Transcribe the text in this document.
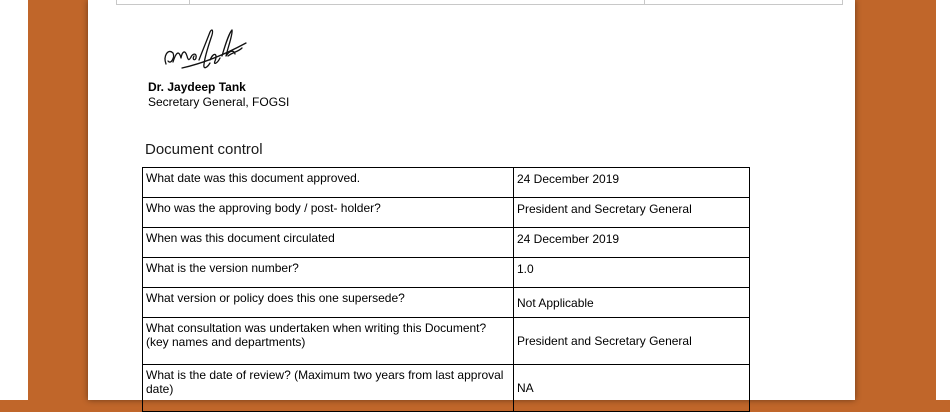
Dr. Jaydeep Tank
Secretary General, FOGSI
Document control
What date was this document approved.	24 December 2019
Who was the approving body / post- holder?	President and Secretary General
When was this document circulated	24 December 2019
What is the version number?	1.0
What version or policy does this one supersede?	Not Applicable
What consultation was undertaken when writing this Document? (key names and departments)	President and Secretary General
What is the date of review? (Maximum two years from last approval date)	NA
